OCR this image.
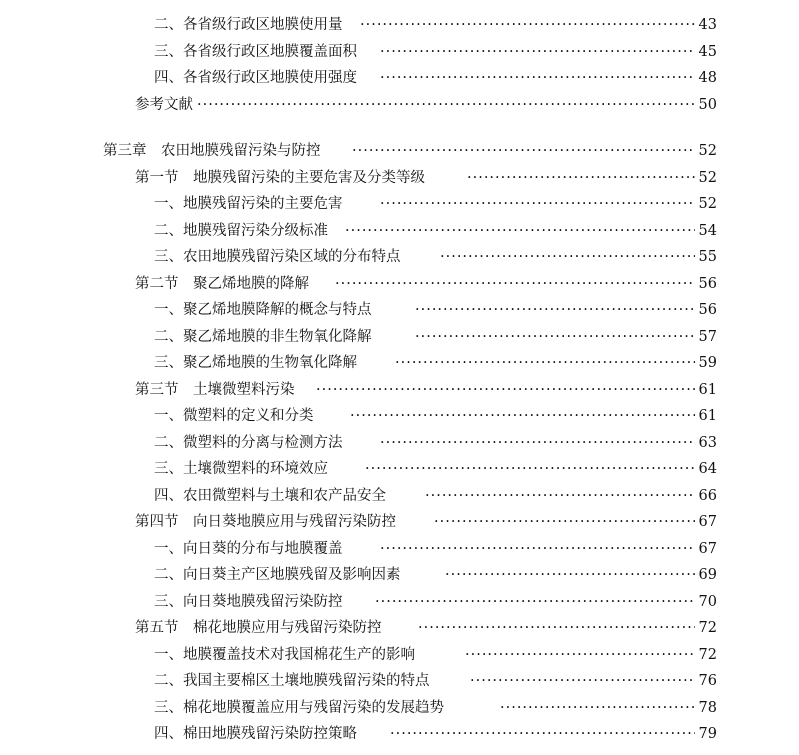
二、各省级行政区地膜使用量 ·····	43
三、各省级行政区地膜覆盖面积 ·····	45
四、各省级行政区地膜使用强度 ·····	48
参考文献 ·····	50
第三章　农田地膜残留污染与防控 ·····	52
第一节　地膜残留污染的主要危害及分类等级 ·····	52
一、地膜残留污染的主要危害 ·····	52
二、地膜残留污染分级标准 ·····	54
三、农田地膜残留污染区域的分布特点 ·····	55
第二节　聚乙烯地膜的降解 ·····	56
一、聚乙烯地膜降解的概念与特点 ·····	56
二、聚乙烯地膜的非生物氧化降解 ·····	57
三、聚乙烯地膜的生物氧化降解 ·····	59
第三节　土壤微塑料污染 ·····	61
一、微塑料的定义和分类 ·····	61
二、微塑料的分离与检测方法 ·····	63
三、土壤微塑料的环境效应 ·····	64
四、农田微塑料与土壤和农产品安全 ·····	66
第四节　向日葵地膜应用与残留污染防控 ·····	67
一、向日葵的分布与地膜覆盖 ·····	67
二、向日葵主产区地膜残留及影响因素 ·····	69
三、向日葵地膜残留污染防控 ·····	70
第五节　棉花地膜应用与残留污染防控 ·····	72
一、地膜覆盖技术对我国棉花生产的影响 ·····	72
二、我国主要棉区土壤地膜残留污染的特点 ·····	76
三、棉花地膜覆盖应用与残留污染的发展趋势 ·····	78
四、棉田地膜残留污染防控策略 ·····	79
